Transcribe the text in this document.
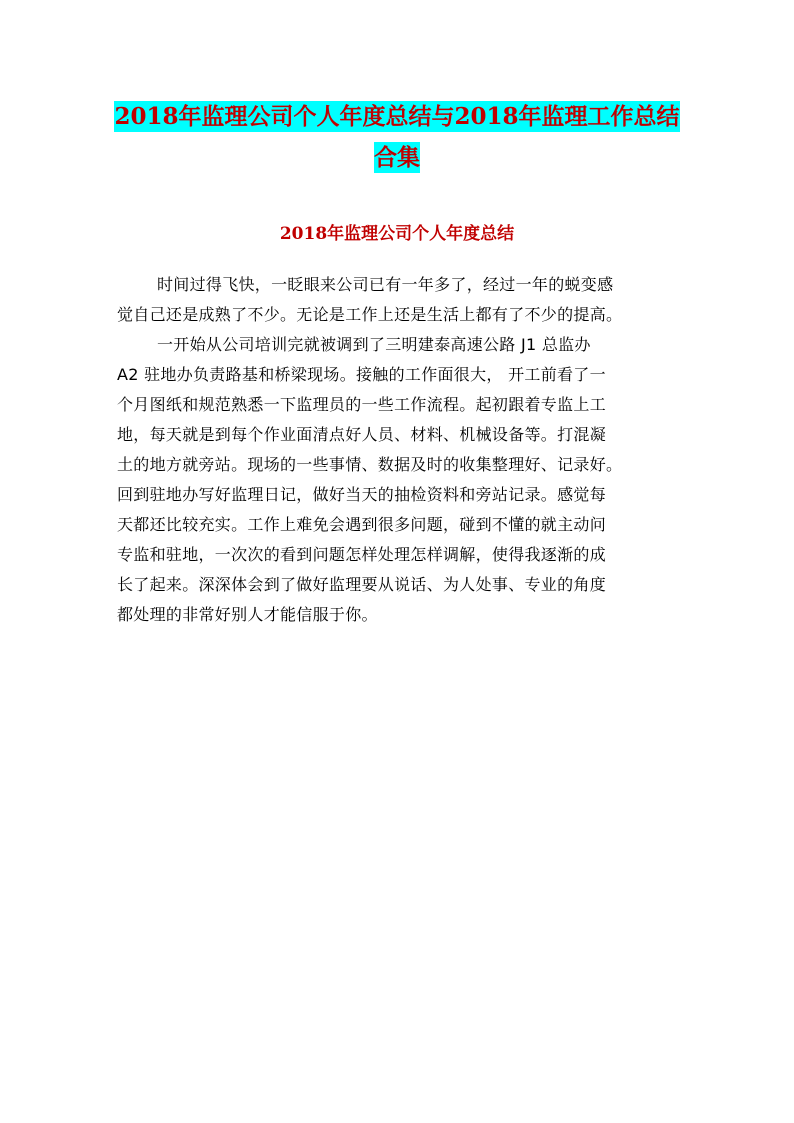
2018年监理公司个人年度总结与2018年监理工作总结
合集
2018年监理公司个人年度总结
时间过得飞快，一眨眼来公司已有一年多了，经过一年的蜕变感
觉自己还是成熟了不少。无论是工作上还是生活上都有了不少的提高。
一开始从公司培训完就被调到了三明建泰高速公路 J1 总监办
A2 驻地办负责路基和桥梁现场。接触的工作面很大， 开工前看了一
个月图纸和规范熟悉一下监理员的一些工作流程。起初跟着专监上工
地，每天就是到每个作业面清点好人员、材料、机械设备等。打混凝
土的地方就旁站。现场的一些事情、数据及时的收集整理好、记录好。
回到驻地办写好监理日记，做好当天的抽检资料和旁站记录。感觉每
天都还比较充实。工作上难免会遇到很多问题，碰到不懂的就主动问
专监和驻地，一次次的看到问题怎样处理怎样调解，使得我逐渐的成
长了起来。深深体会到了做好监理要从说话、为人处事、专业的角度
都处理的非常好别人才能信服于你。
